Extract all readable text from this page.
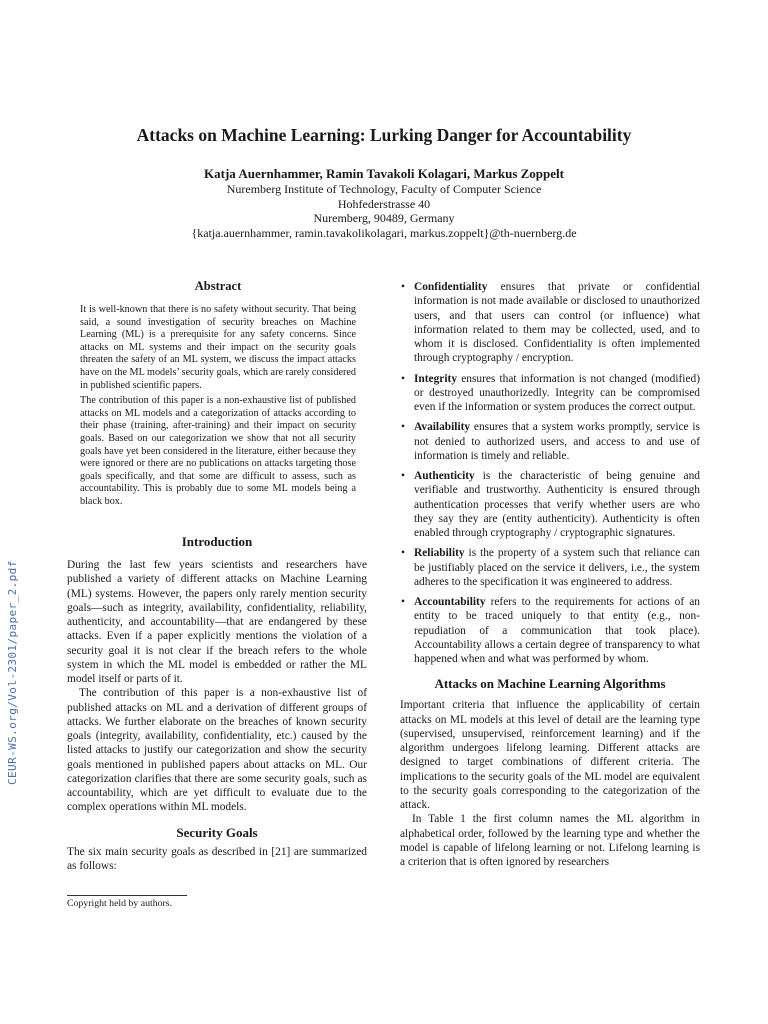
Attacks on Machine Learning: Lurking Danger for Accountability
Katja Auernhammer, Ramin Tavakoli Kolagari, Markus Zoppelt
Nuremberg Institute of Technology, Faculty of Computer Science
Hohfederstrasse 40
Nuremberg, 90489, Germany
{katja.auernhammer, ramin.tavakolikolagari, markus.zoppelt}@th-nuernberg.de
CEUR-WS.org/Vol-2301/paper_2.pdf
Abstract

It is well-known that there is no safety without security. That being said, a sound investigation of security breaches on Machine Learning (ML) is a prerequisite for any safety concerns. Since attacks on ML systems and their impact on the security goals threaten the safety of an ML system, we discuss the impact attacks have on the ML models’ security goals, which are rarely considered in published scientific papers.

The contribution of this paper is a non-exhaustive list of published attacks on ML models and a categorization of attacks according to their phase (training, after-training) and their impact on security goals. Based on our categorization we show that not all security goals have yet been considered in the literature, either because they were ignored or there are no publications on attacks targeting those goals specifically, and that some are difficult to assess, such as accountability. This is probably due to some ML models being a black box.

Introduction

During the last few years scientists and researchers have published a variety of different attacks on Machine Learning (ML) systems. However, the papers only rarely mention security goals—such as integrity, availability, confidentiality, reliability, authenticity, and accountability—that are endangered by these attacks. Even if a paper explicitly mentions the violation of a security goal it is not clear if the breach refers to the whole system in which the ML model is embedded or rather the ML model itself or parts of it.

The contribution of this paper is a non-exhaustive list of published attacks on ML and a derivation of different groups of attacks. We further elaborate on the breaches of known security goals (integrity, availability, confidentiality, etc.) caused by the listed attacks to justify our categorization and show the security goals mentioned in published papers about attacks on ML. Our categorization clarifies that there are some security goals, such as accountability, which are yet difficult to evaluate due to the complex operations within ML models.

Security Goals

The six main security goals as described in [21] are summarized as follows:

Copyright held by authors.
• Confidentiality ensures that private or confidential information is not made available or disclosed to unauthorized users, and that users can control (or influence) what information related to them may be collected, used, and to whom it is disclosed. Confidentiality is often implemented through cryptography / encryption.
• Integrity ensures that information is not changed (modified) or destroyed unauthorizedly. Integrity can be compromised even if the information or system produces the correct output.
• Availability ensures that a system works promptly, service is not denied to authorized users, and access to and use of information is timely and reliable.
• Authenticity is the characteristic of being genuine and verifiable and trustworthy. Authenticity is ensured through authentication processes that verify whether users are who they say they are (entity authenticity). Authenticity is often enabled through cryptography / cryptographic signatures.
• Reliability is the property of a system such that reliance can be justifiably placed on the service it delivers, i.e., the system adheres to the specification it was engineered to address.
• Accountability refers to the requirements for actions of an entity to be traced uniquely to that entity (e.g., non-repudiation of a communication that took place). Accountability allows a certain degree of transparency to what happened when and what was performed by whom.
Attacks on Machine Learning Algorithms

Important criteria that influence the applicability of certain attacks on ML models at this level of detail are the learning type (supervised, unsupervised, reinforcement learning) and if the algorithm undergoes lifelong learning. Different attacks are designed to target combinations of different criteria. The implications to the security goals of the ML model are equivalent to the security goals corresponding to the categorization of the attack.

In Table 1 the first column names the ML algorithm in alphabetical order, followed by the learning type and whether the model is capable of lifelong learning or not. Lifelong learning is a criterion that is often ignored by researchers
